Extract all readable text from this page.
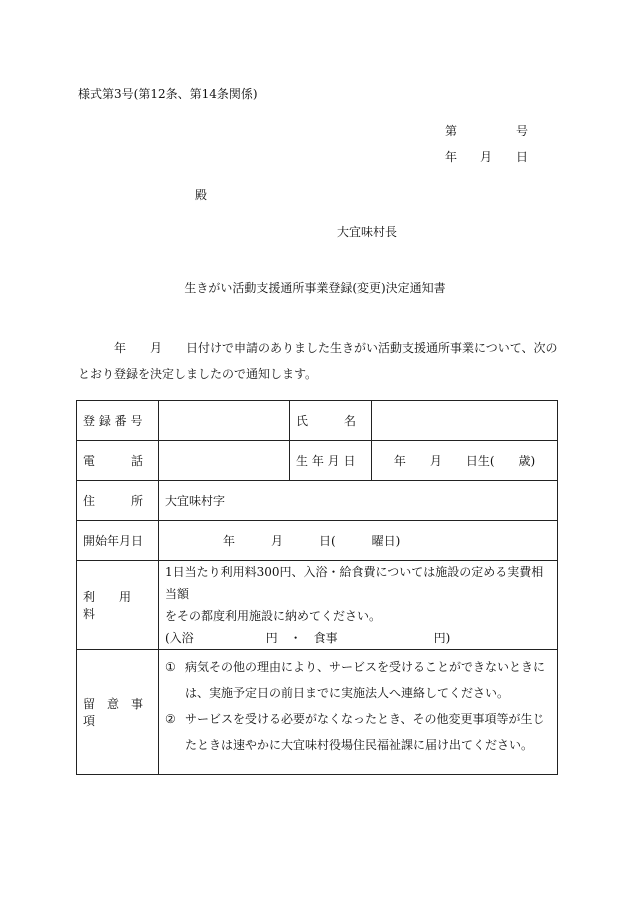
様式第3号(第12条、第14条関係)
第	号
年 月 日
殿
大宜味村長
生きがい活動支援通所事業登録(変更)決定通知書
年　　月　　日付けで申請のありました生きがい活動支援通所事業について、次の
とおり登録を決定しましたので通知します。
登 録 番 号		氏　　　名	
電　　　話		生 年 月 日	年　　月　　日生(　　歳)
住　　　所	大宜味村字		
開始年月日	年　　　月　　　日(　　　曜日)		
利　　用　　料	1日当たり利用料300円、入浴・給食費については施設の定める実費相当額
をその都度利用施設に納めてください。
(入浴　　　　　　円　・　食事　　　　　　　　円)		

留　意　事　項	① 病気その他の理由により、サービスを受けることができないときには、実施予定日の前日までに実施法人へ連絡してください。
② サービスを受ける必要がなくなったとき、その他変更事項等が生じたときは速やかに大宜味村役場住民福祉課に届け出てください。		
